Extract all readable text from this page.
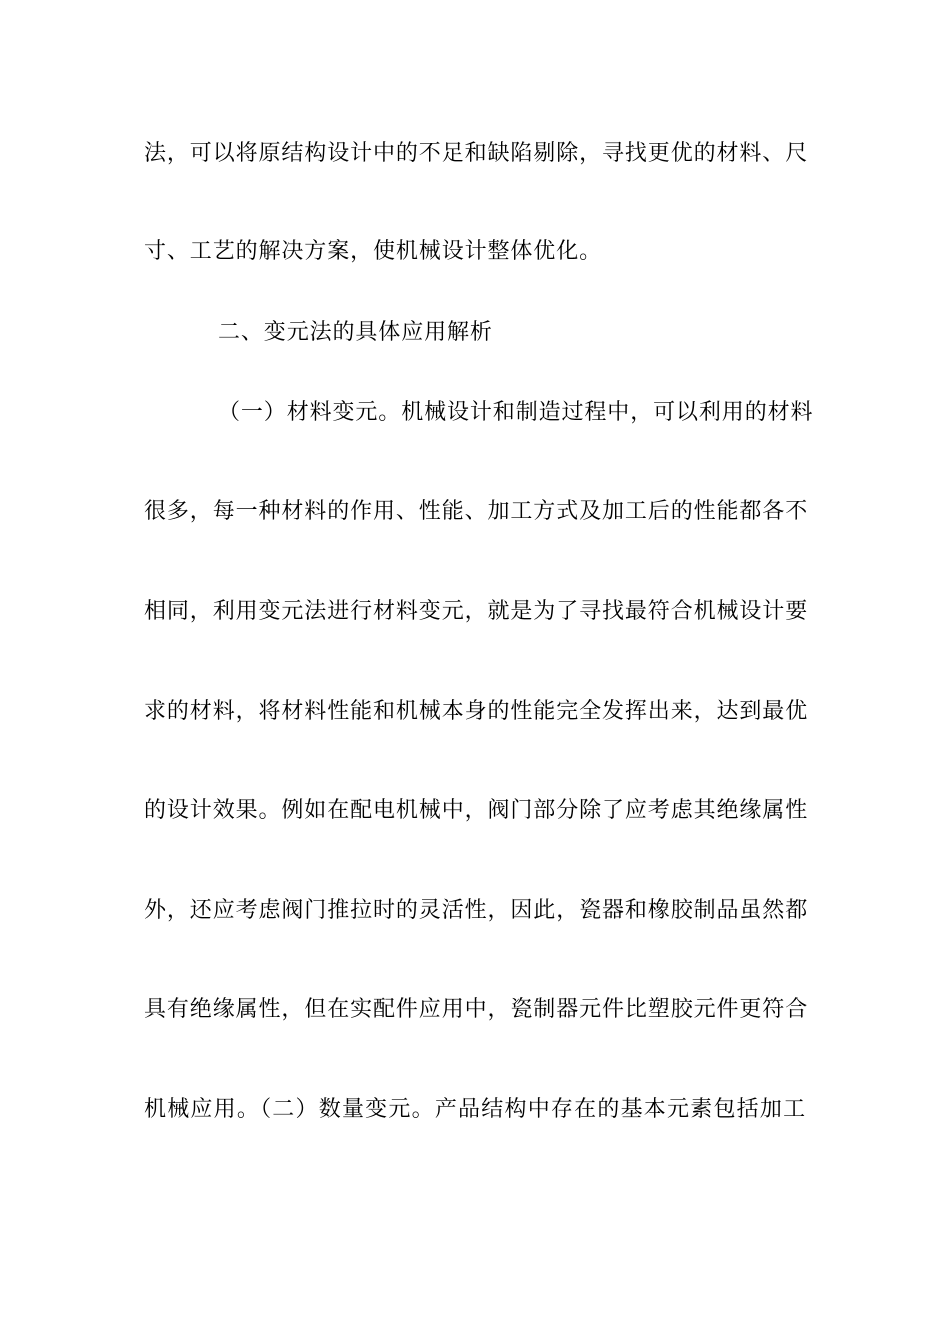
法，可以将原结构设计中的不足和缺陷剔除，寻找更优的材料、尺
寸、工艺的解决方案，使机械设计整体优化。
二、变元法的具体应用解析
（一）材料变元。机械设计和制造过程中，可以利用的材料
很多，每一种材料的作用、性能、加工方式及加工后的性能都各不
相同，利用变元法进行材料变元，就是为了寻找最符合机械设计要
求的材料，将材料性能和机械本身的性能完全发挥出来，达到最优
的设计效果。例如在配电机械中，阀门部分除了应考虑其绝缘属性
外，还应考虑阀门推拉时的灵活性，因此，瓷器和橡胶制品虽然都
具有绝缘属性，但在实配件应用中，瓷制器元件比塑胶元件更符合
机械应用。（二）数量变元。产品结构中存在的基本元素包括加工
